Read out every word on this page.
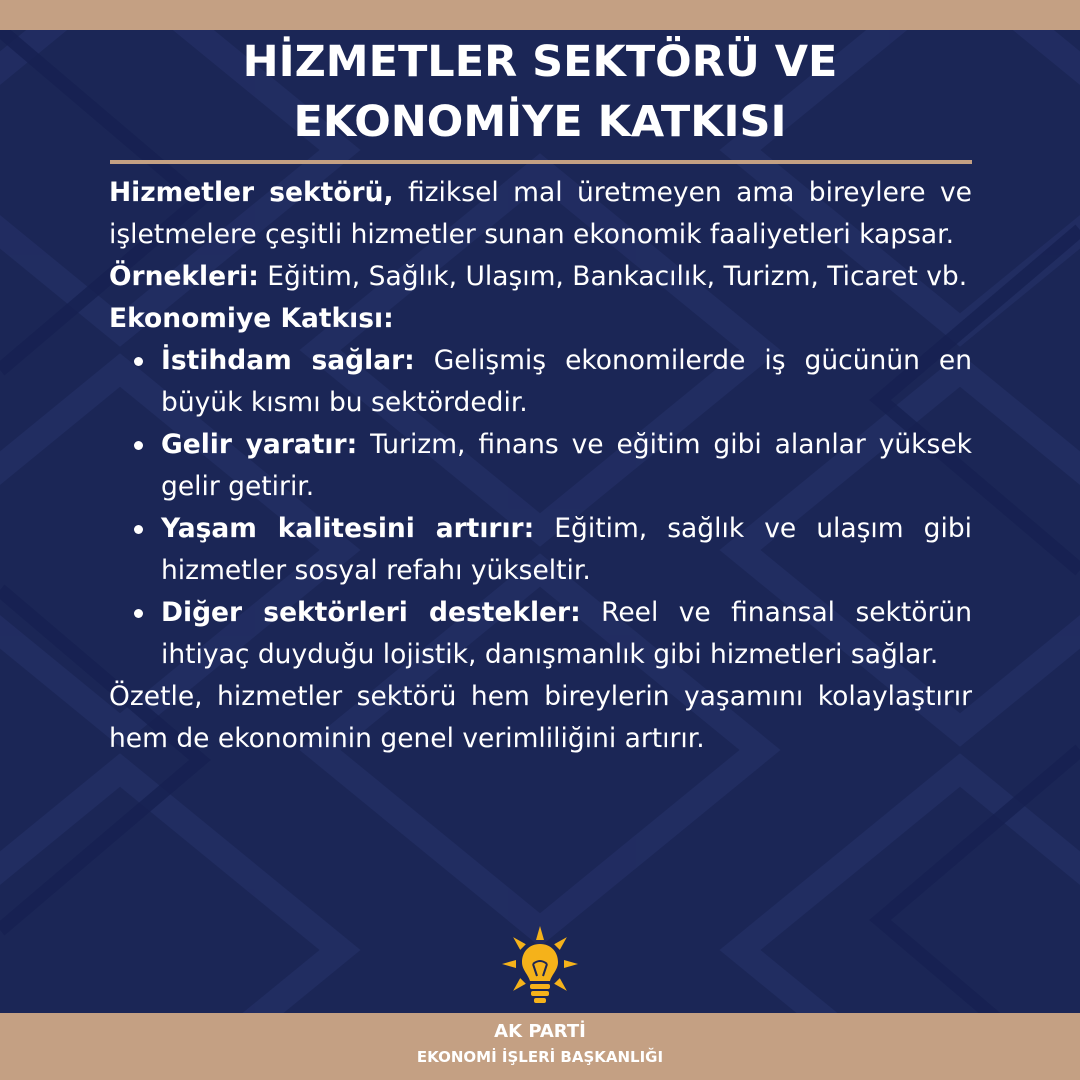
HİZMETLER SEKTÖRÜ VE
EKONOMİYE KATKISI

Hizmetler sektörü, fiziksel mal üretmeyen ama bireylere ve işletmelere çeşitli hizmetler sunan ekonomik faaliyetleri kapsar.

Örnekleri: Eğitim, Sağlık, Ulaşım, Bankacılık, Turizm, Ticaret vb.

Ekonomiye Katkısı:

İstihdam sağlar: Gelişmiş ekonomilerde iş gücünün en büyük kısmı bu sektördedir.
Gelir yaratır: Turizm, finans ve eğitim gibi alanlar yüksek gelir getirir.
Yaşam kalitesini artırır: Eğitim, sağlık ve ulaşım gibi hizmetler sosyal refahı yükseltir.
Diğer sektörleri destekler: Reel ve finansal sektörün ihtiyaç duyduğu lojistik, danışmanlık gibi hizmetleri sağlar.

Özetle, hizmetler sektörü hem bireylerin yaşamını kolaylaştırır hem de ekonominin genel verimliliğini artırır.

AK PARTİ
EKONOMİ İŞLERİ BAŞKANLIĞI
